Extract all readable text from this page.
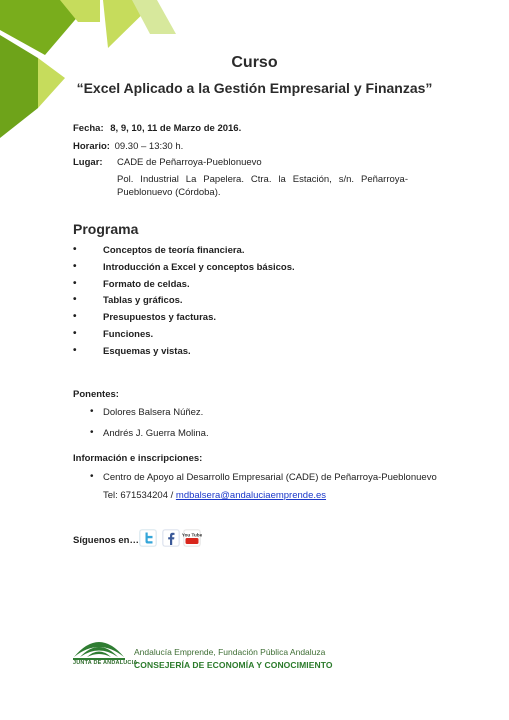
Curso
“Excel Aplicado a la Gestión Empresarial y Finanzas”
Fecha: 8, 9, 10, 11 de Marzo de 2016.
Horario: 09.30 – 13:30 h.
Lugar: CADE de Peñarroya-Pueblonuevo
Pol. Industrial La Papelera. Ctra. la Estación, s/n. Peñarroya-Pueblonuevo (Córdoba).
Programa
•	Conceptos de teoría financiera.
•	Introducción a Excel y conceptos básicos.
•	Formato de celdas.
•	Tablas y gráficos.
•	Presupuestos y facturas.
•	Funciones.
•	Esquemas y vistas.
Ponentes:
• Dolores Balsera Núñez.
• Andrés J. Guerra Molina.
Información e inscripciones:
• Centro de Apoyo al Desarrollo Empresarial (CADE) de Peñarroya-Pueblonuevo
Tel: 671534204 / mdbalsera@andaluciaemprende.es
Síguenos en…	You Tube
JUNTA DE ANDALUCIA
Andalucía Emprende, Fundación Pública Andaluza
CONSEJERÍA DE ECONOMÍA Y CONOCIMIENTO
